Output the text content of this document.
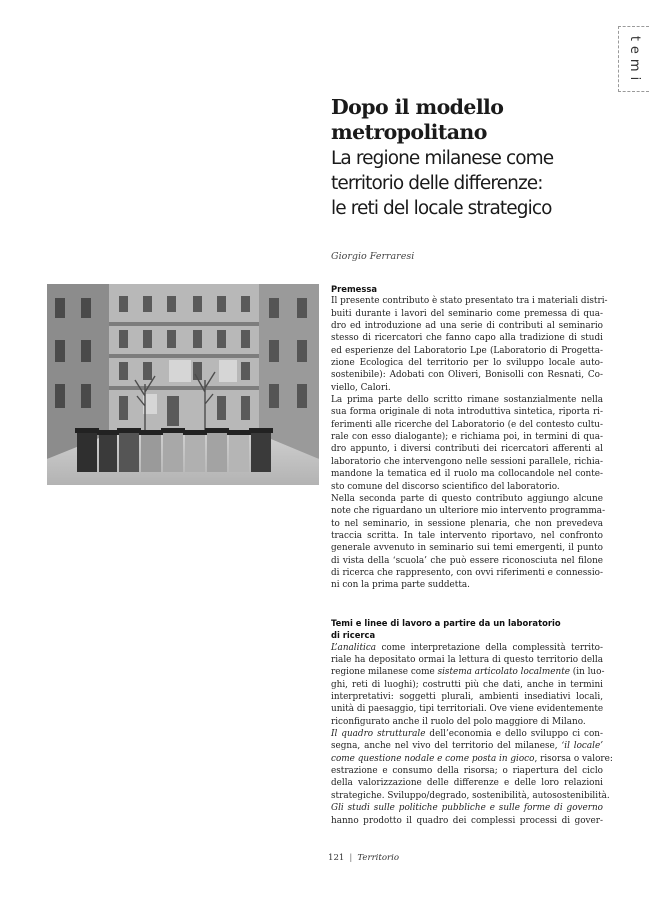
temi
Dopo il modello
metropolitano
La regione milanese come
territorio delle differenze:
le reti del locale strategico
Giorgio Ferraresi
Premessa
Il presente contributo è stato presentato tra i materiali distri-
buiti durante i lavori del seminario come premessa di qua-
dro ed introduzione ad una serie di contributi al seminario
stesso di ricercatori che fanno capo alla tradizione di studi
ed esperienze del Laboratorio Lpe (Laboratorio di Progetta-
zione Ecologica del territorio per lo sviluppo locale auto-
sostenibile): Adobati con Oliveri, Bonisolli con Resnati, Co-
viello, Calori.
La prima parte dello scritto rimane sostanzialmente nella
sua forma originale di nota introduttiva sintetica, riporta ri-
ferimenti alle ricerche del Laboratorio (e del contesto cultu-
rale con esso dialogante); e richiama poi, in termini di qua-
dro appunto, i diversi contributi dei ricercatori afferenti al
laboratorio che intervengono nelle sessioni parallele, richia-
mandone la tematica ed il ruolo ma collocandole nel conte-
sto comune del discorso scientifico del laboratorio.
Nella seconda parte di questo contributo aggiungo alcune
note che riguardano un ulteriore mio intervento programma-
to nel seminario, in sessione plenaria, che non prevedeva
traccia scritta. In tale intervento riportavo, nel confronto
generale avvenuto in seminario sui temi emergenti, il punto
di vista della ‘scuola’ che può essere riconosciuta nel filone
di ricerca che rappresento, con ovvi riferimenti e connessio-
ni con la prima parte suddetta.
Temi e linee di lavoro a partire da un laboratorio
di ricerca
L’analitica come interpretazione della complessità territo-
riale ha depositato ormai la lettura di questo territorio della
regione milanese come sistema articolato localmente (in luo-
ghi, reti di luoghi); costrutti più che dati, anche in termini
interpretativi: soggetti plurali, ambienti insediativi locali,
unità di paesaggio, tipi territoriali. Ove viene evidentemente
riconfigurato anche il ruolo del polo maggiore di Milano.
Il quadro strutturale dell’economia e dello sviluppo ci con-
segna, anche nel vivo del territorio del milanese, ‘il locale’
come questione nodale e come posta in gioco, risorsa o valore:
estrazione e consumo della risorsa; o riapertura del ciclo
della valorizzazione delle differenze e delle loro relazioni
strategiche. Sviluppo/degrado, sostenibilità, autosostenibilità.
Gli studi sulle politiche pubbliche e sulle forme di governo
hanno prodotto il quadro dei complessi processi di gover-
121 | Territorio
